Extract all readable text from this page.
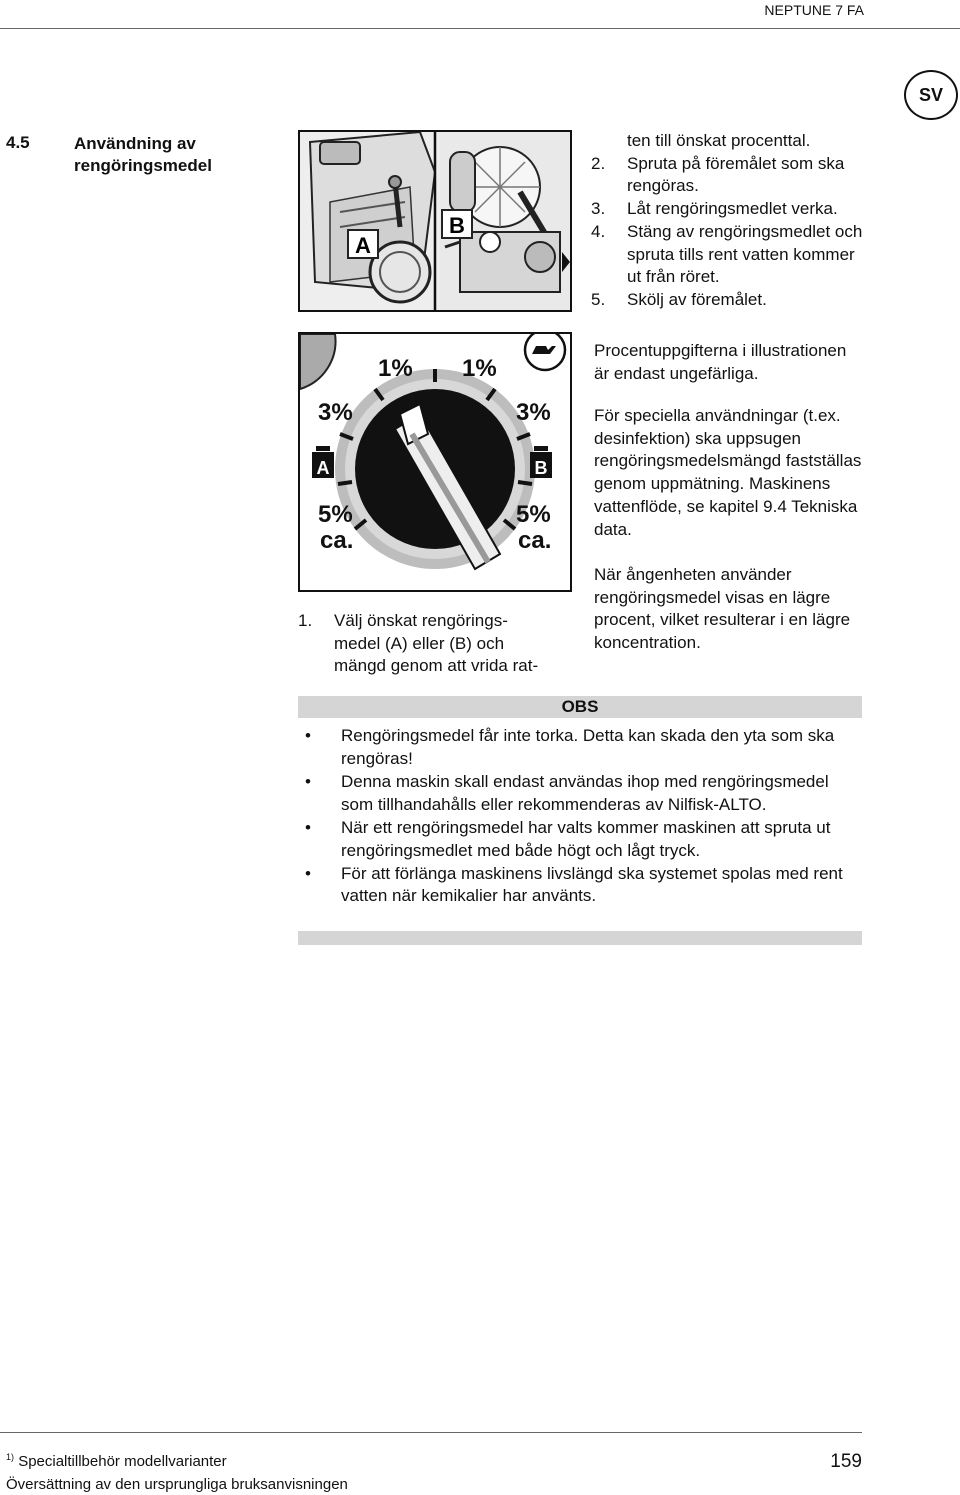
NEPTUNE 7 FA
SV
4.5	Användning av rengöringsmedel
A
B
A	B
1% 1%
3%	3%
5%	5%
ca.	ca.
1.	Välj önskat rengörings-
medel (A) eller (B) och
mängd genom att vrida rat-
ten till önskat procenttal.
2.	Spruta på föremålet som ska rengöras.
3.	Låt rengöringsmedlet verka.
4.	Stäng av rengöringsmedlet och spruta tills rent vatten kommer ut från röret.
5.	Skölj av föremålet.
Procentuppgifterna i illustrationen är endast ungefärliga.
För speciella användningar (t.ex. desinfektion) ska uppsugen rengöringsmedelsmängd fastställas genom uppmätning. Maskinens vattenflöde, se kapitel 9.4 Tekniska data.
När ångenheten använder rengöringsmedel visas en lägre procent, vilket resulterar i en lägre koncentration.
OBS
•	Rengöringsmedel får inte torka. Detta kan skada den yta som ska rengöras!
•	Denna maskin skall endast användas ihop med rengöringsmedel som tillhandahålls eller rekommenderas av Nilfisk-ALTO.
•	När ett rengöringsmedel har valts kommer maskinen att spruta ut rengöringsmedlet med både högt och lågt tryck.
•	För att förlänga maskinens livslängd ska systemet spolas med rent vatten när kemikalier har använts.
$^{1)}$ Specialtillbehör modellvarianter	159
Översättning av den ursprungliga bruksanvisningen
